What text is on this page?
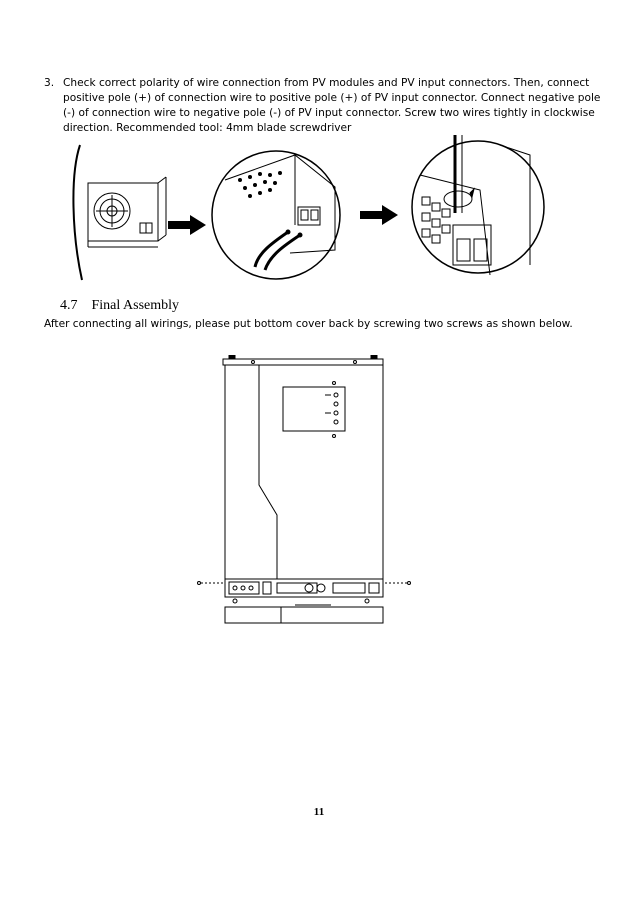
3. Check correct polarity of wire connection from PV modules and PV input connectors. Then, connect positive pole (+) of connection wire to positive pole (+) of PV input connector. Connect negative pole (-) of connection wire to negative pole (-) of PV input connector. Screw two wires tightly in clockwise direction. Recommended tool: 4mm blade screwdriver
4.7 Final Assembly
After connecting all wirings, please put bottom cover back by screwing two screws as shown below.
11
